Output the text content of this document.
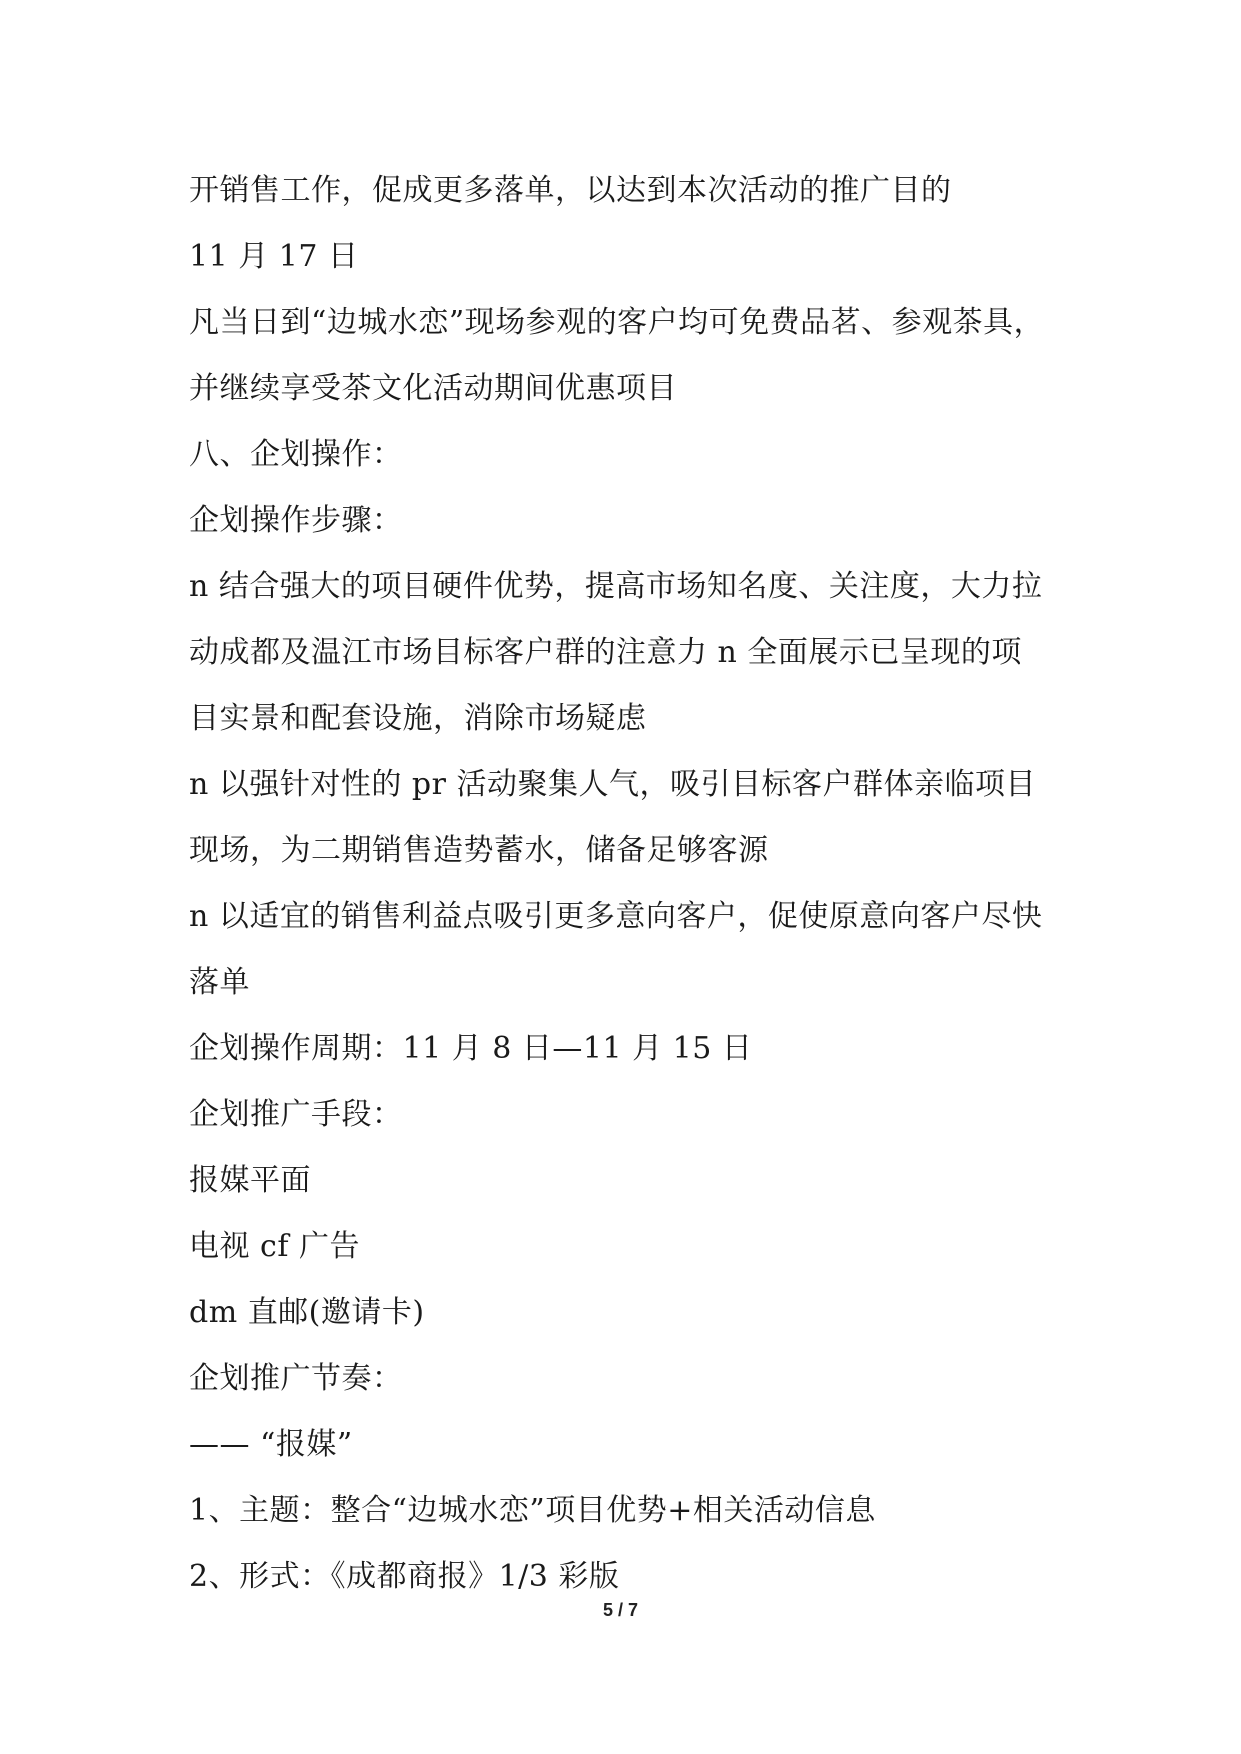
开销售工作，促成更多落单，以达到本次活动的推广目的
11 月 17 日
凡当日到“边城水恋”现场参观的客户均可免费品茗、参观茶具，
并继续享受茶文化活动期间优惠项目
八、企划操作：
企划操作步骤：
n 结合强大的项目硬件优势，提高市场知名度、关注度，大力拉
动成都及温江市场目标客户群的注意力 n 全面展示已呈现的项
目实景和配套设施，消除市场疑虑
n 以强针对性的 pr 活动聚集人气，吸引目标客户群体亲临项目
现场，为二期销售造势蓄水，储备足够客源
n 以适宜的销售利益点吸引更多意向客户，促使原意向客户尽快
落单
企划操作周期：11 月 8 日—11 月 15 日
企划推广手段：
报媒平面
电视 cf 广告
dm 直邮(邀请卡)
企划推广节奏：
—— “报媒”
1、主题：整合“边城水恋”项目优势+相关活动信息
2、形式：《成都商报》1/3 彩版
5 / 7
